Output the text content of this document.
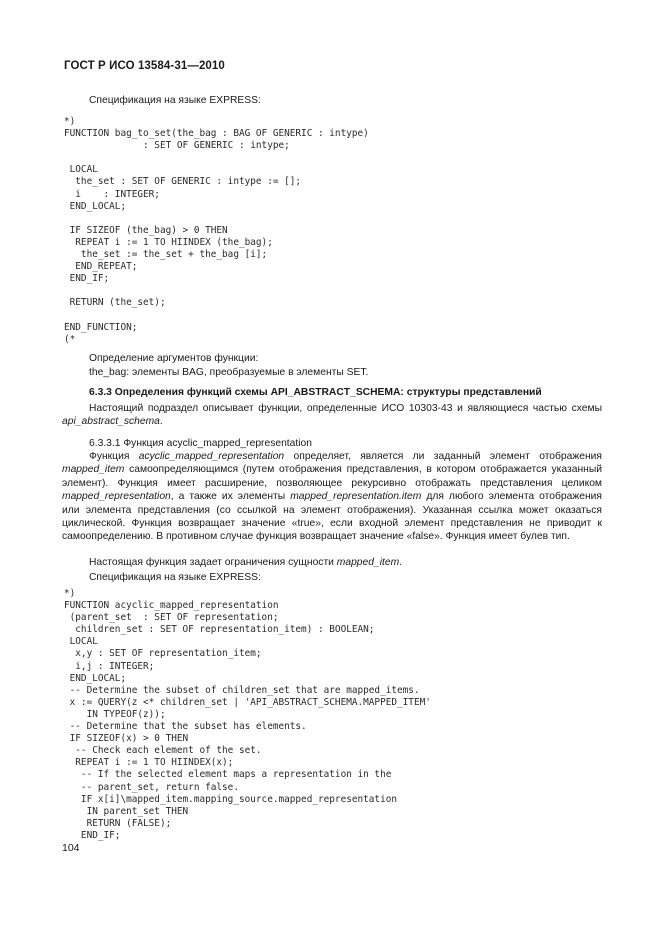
ГОСТ Р ИСО 13584-31—2010

Спецификация на языке EXPRESS:

*)
FUNCTION bag_to_set(the_bag : BAG OF GENERIC : intype)
: SET OF GENERIC : intype;

LOCAL
the_set : SET OF GENERIC : intype := [];
i    : INTEGER;
END_LOCAL;

IF SIZEOF (the_bag) > 0 THEN
REPEAT i := 1 TO HIINDEX (the_bag);
the_set := the_set + the_bag [i];
END_REPEAT;
END_IF;

RETURN (the_set);

END_FUNCTION;
(*

Определение аргументов функции:

the_bag: элементы BAG, преобразуемые в элементы SET.

6.3.3 Определения функций схемы API_ABSTRACT_SCHEMA: структуры представлений

Настоящий подраздел описывает функции, определенные ИСО 10303-43 и являющиеся частью схемы api_abstract_schema.

6.3.3.1 Функция acyclic_mapped_representation

Функция acyclic_mapped_representation определяет, является ли заданный элемент отображения mapped_item самоопределяющимся (путем отображения представления, в котором отображается указанный элемент). Функция имеет расширение, позволяющее рекурсивно отображать представления целиком mapped_representation, а также их элементы mapped_representation.item для любого элемента отображения или элемента представления (со ссылкой на элемент отображения). Указанная ссылка может оказаться циклической. Функция возвращает значение «true», если входной элемент представления не приводит к самоопределению. В противном случае функция возвращает значение «false». Функция имеет булев тип.

Настоящая функция задает ограничения сущности mapped_item.

Спецификация на языке EXPRESS:

*)
FUNCTION acyclic_mapped_representation
(parent_set  : SET OF representation;
children_set : SET OF representation_item) : BOOLEAN;
LOCAL
x,y : SET OF representation_item;
i,j : INTEGER;
END_LOCAL;
-- Determine the subset of children_set that are mapped_items.
x := QUERY(z <* children_set | 'API_ABSTRACT_SCHEMA.MAPPED_ITEM'
IN TYPEOF(z));
-- Determine that the subset has elements.
IF SIZEOF(x) > 0 THEN
-- Check each element of the set.
REPEAT i := 1 TO HIINDEX(x);
-- If the selected element maps a representation in the
-- parent_set, return false.
IF x[i]\mapped_item.mapping_source.mapped_representation
IN parent_set THEN
RETURN (FALSE);
END_IF;
104
